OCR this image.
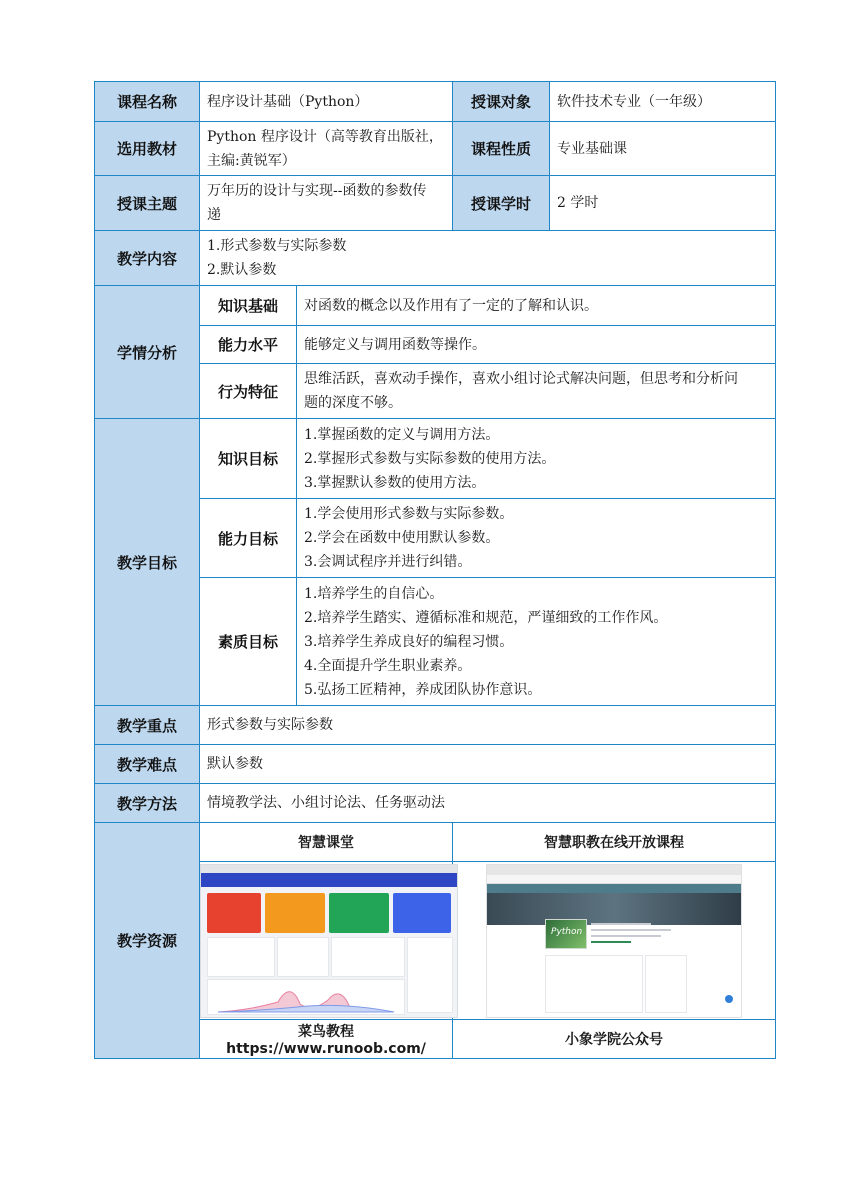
课程名称	程序设计基础（Python）		授课对象	软件技术专业（一年级）
选用教材	Python 程序设计（高等教育出版社，
主编:黄锐军）		课程性质	专业基础课
授课主题	万年历的设计与实现--函数的参数传
递		授课学时	2 学时
教学内容	1.形式参数与实际参数
2.默认参数			

学情分析	知识基础	对函数的概念以及作用有了一定的了解和认识。		

	能力水平	能够定义与调用函数等操作。		

	行为特征	思维活跃，喜欢动手操作，喜欢小组讨论式解决问题，但思考和分析问
题的深度不够。		

教学目标	知识目标	1.掌握函数的定义与调用方法。
2.掌握形式参数与实际参数的使用方法。
3.掌握默认参数的使用方法。		

	能力目标	1.学会使用形式参数与实际参数。
2.学会在函数中使用默认参数。
3.会调试程序并进行纠错。		

	素质目标	1.培养学生的自信心。
2.培养学生踏实、遵循标准和规范，严谨细致的工作作风。
3.培养学生养成良好的编程习惯。
4.全面提升学生职业素养。
5.弘扬工匠精神，养成团队协作意识。		

教学重点	形式参数与实际参数			
教学难点	默认参数			
教学方法	情境教学法、小组讨论法、任务驱动法			
教学资源	智慧课堂		智慧职教在线开放课程	

Python	

	菜鸟教程 https://www.runoob.com/		小象学院公众号	
